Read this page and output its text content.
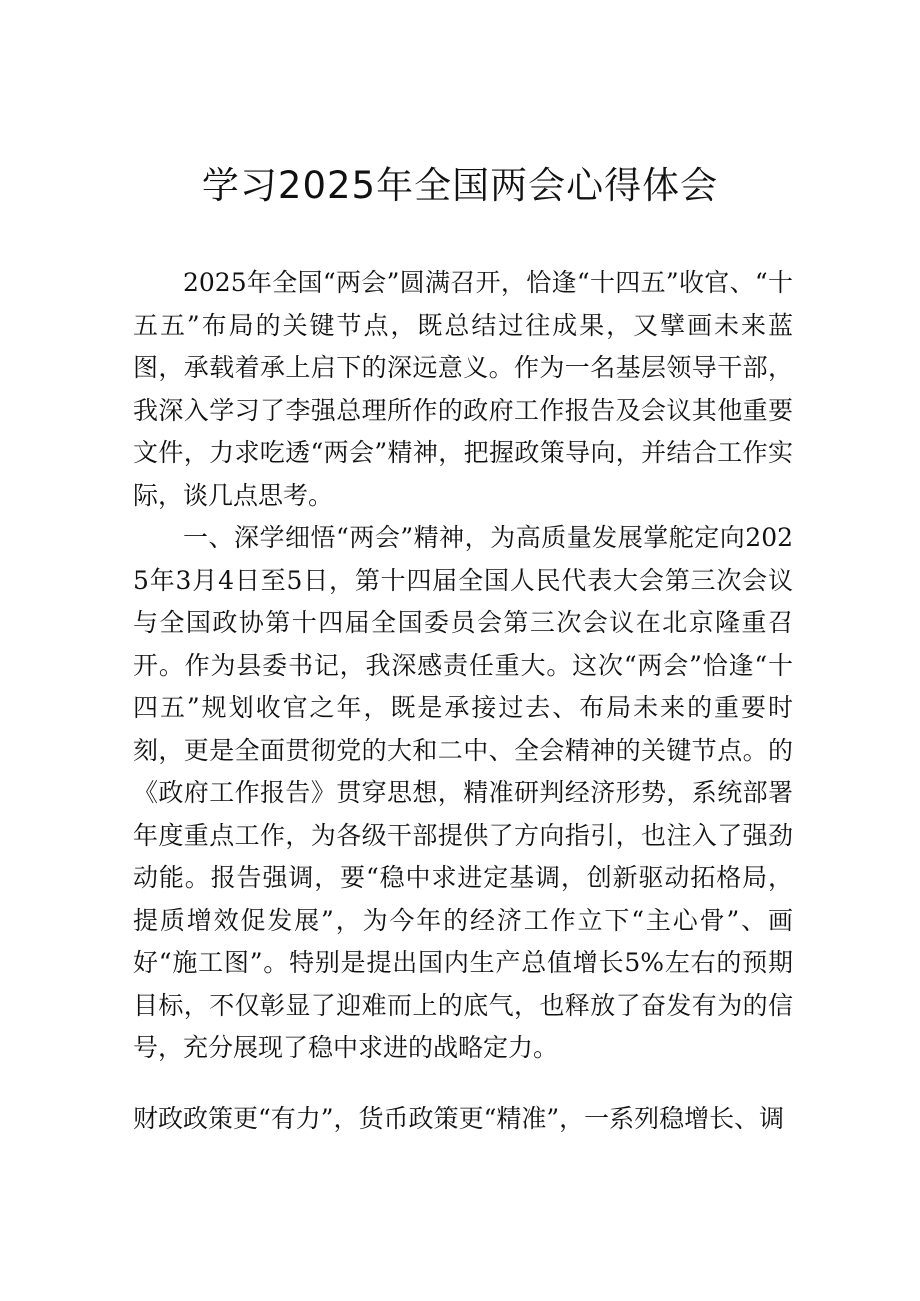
学习2025年全国两会心得体会

2025年全国“两会”圆满召开，恰逢“十四五”收官、“十五五”布局的关键节点，既总结过往成果，又擘画未来蓝图，承载着承上启下的深远意义。作为一名基层领导干部，我深入学习了李强总理所作的政府工作报告及会议其他重要文件，力求吃透“两会”精神，把握政策导向，并结合工作实际，谈几点思考。

一、深学细悟“两会”精神，为高质量发展掌舵定向2025年3月4日至5日，第十四届全国人民代表大会第三次会议与全国政协第十四届全国委员会第三次会议在北京隆重召开。作为县委书记，我深感责任重大。这次“两会”恰逢“十四五”规划收官之年，既是承接过去、布局未来的重要时刻，更是全面贯彻党的大和二中、全会精神的关键节点。的《政府工作报告》贯穿思想，精准研判经济形势，系统部署年度重点工作，为各级干部提供了方向指引，也注入了强劲动能。报告强调，要“稳中求进定基调，创新驱动拓格局，提质增效促发展”，为今年的经济工作立下“主心骨”、画好“施工图”。特别是提出国内生产总值增长5%左右的预期目标，不仅彰显了迎难而上的底气，也释放了奋发有为的信号，充分展现了稳中求进的战略定力。

财政政策更“有力”，货币政策更“精准”，一系列稳增长、调
